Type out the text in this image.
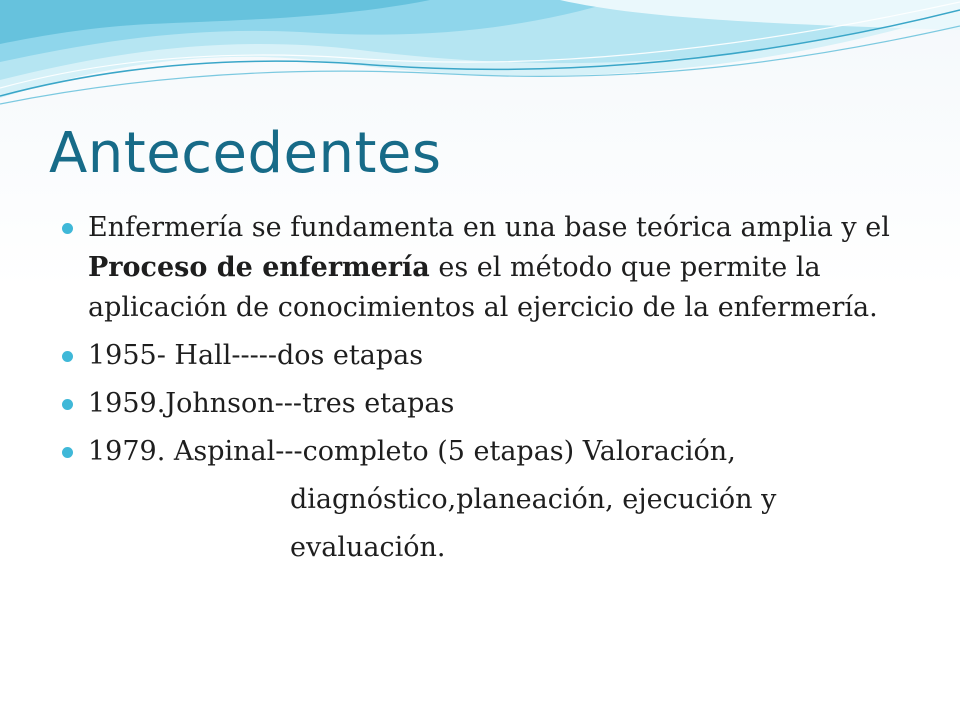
Antecedentes
Enfermería se fundamenta en una base teórica amplia y el Proceso de enfermería es el método que permite la aplicación de conocimientos al ejercicio de la enfermería.
1955- Hall-----dos etapas
1959.Johnson---tres etapas
1979. Aspinal---completo (5 etapas) Valoración,
diagnóstico,planeación, ejecución y
evaluación.
